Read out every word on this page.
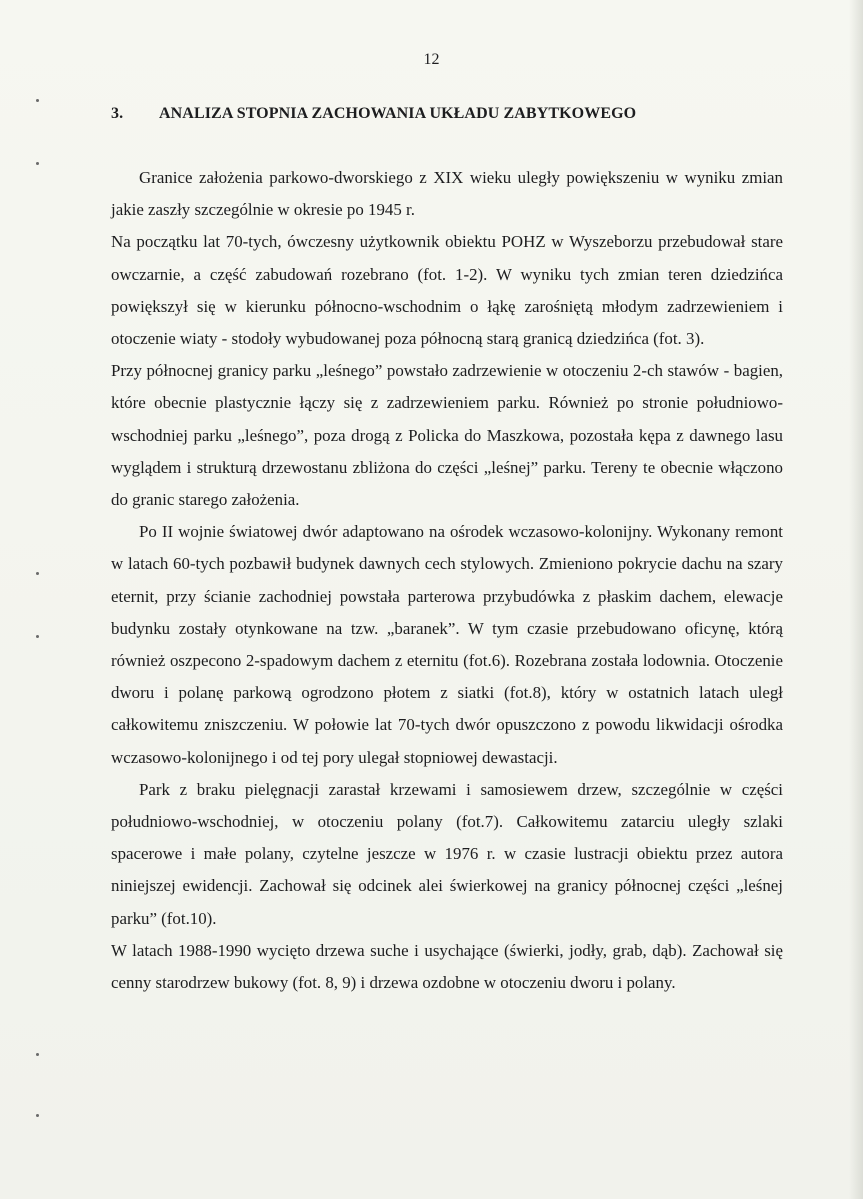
12
3. ANALIZA STOPNIA ZACHOWANIA UKŁADU ZABYTKOWEGO

Granice założenia parkowo-dworskiego z XIX wieku uległy powiększeniu w wyniku zmian jakie zaszły szczególnie w okresie po 1945 r.

Na początku lat 70-tych, ówczesny użytkownik obiektu POHZ w Wyszeborzu przebudował stare owczarnie, a część zabudowań rozebrano (fot. 1-2). W wyniku tych zmian teren dziedzińca powiększył się w kierunku północno-wschodnim o łąkę zarośniętą młodym zadrzewieniem i otoczenie wiaty - stodoły wybudowanej poza północną starą granicą dziedzińca (fot. 3).

Przy północnej granicy parku „leśnego” powstało zadrzewienie w otoczeniu 2-ch stawów - bagien, które obecnie plastycznie łączy się z zadrzewieniem parku. Również po stronie południowo-wschodniej parku „leśnego”, poza drogą z Policka do Maszkowa, pozostała kępa z dawnego lasu wyglądem i strukturą drzewostanu zbliżona do części „leśnej” parku. Tereny te obecnie włączono do granic starego założenia.

Po II wojnie światowej dwór adaptowano na ośrodek wczasowo-kolonijny. Wykonany remont w latach 60-tych pozbawił budynek dawnych cech stylowych. Zmieniono pokrycie dachu na szary eternit, przy ścianie zachodniej powstała parterowa przybudówka z płaskim dachem, elewacje budynku zostały otynkowane na tzw. „baranek”. W tym czasie przebudowano oficynę, którą również oszpecono 2-spadowym dachem z eternitu (fot.6). Rozebrana została lodownia. Otoczenie dworu i polanę parkową ogrodzono płotem z siatki (fot.8), który w ostatnich latach uległ całkowitemu zniszczeniu. W połowie lat 70-tych dwór opuszczono z powodu likwidacji ośrodka wczasowo-kolonijnego i od tej pory ulegał stopniowej dewastacji.

Park z braku pielęgnacji zarastał krzewami i samosiewem drzew, szczególnie w części południowo-wschodniej, w otoczeniu polany (fot.7). Całkowitemu zatarciu uległy szlaki spacerowe i małe polany, czytelne jeszcze w 1976 r. w czasie lustracji obiektu przez autora niniejszej ewidencji. Zachował się odcinek alei świerkowej na granicy północnej części „leśnej parku” (fot.10).

W latach 1988-1990 wycięto drzewa suche i usychające (świerki, jodły, grab, dąb). Zachował się cenny starodrzew bukowy (fot. 8, 9) i drzewa ozdobne w otoczeniu dworu i polany.
